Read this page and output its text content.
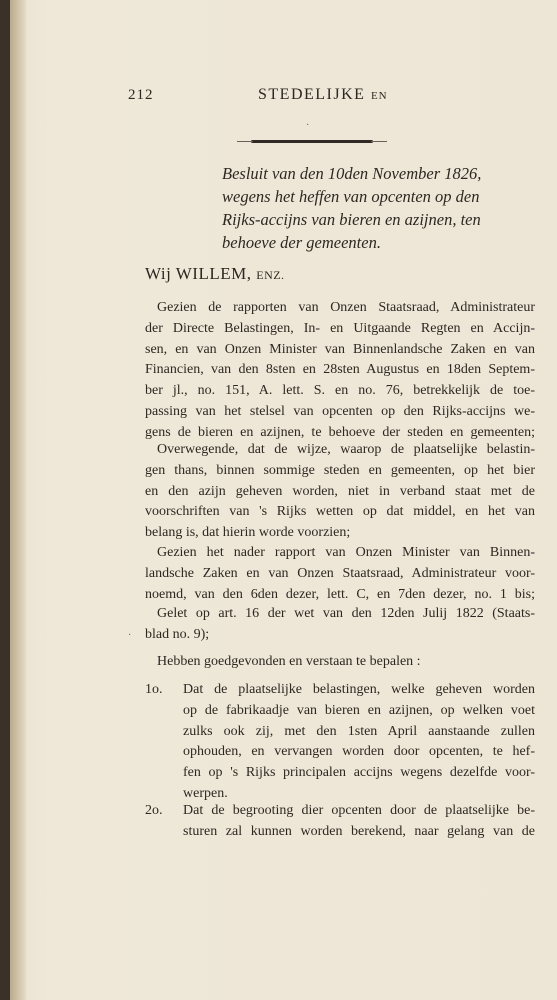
212	STEDELIJKE EN
Besluit van den 10den November 1826,
wegens het heffen van opcenten op den
Rijks-accijns van bieren en azijnen, ten
behoeve der gemeenten.
Wij WILLEM, ENZ.
Gezien de rapporten van Onzen Staatsraad, Administrateur
der Directe Belastingen, In- en Uitgaande Regten en Accijn-
sen, en van Onzen Minister van Binnenlandsche Zaken en van
Financien, van den 8sten en 28sten Augustus en 18den Septem-
ber jl., no. 151, A. lett. S. en no. 76, betrekkelijk de toe-
passing van het stelsel van opcenten op den Rijks-accijns we-
gens de bieren en azijnen, te behoeve der steden en gemeenten;
Overwegende, dat de wijze, waarop de plaatselijke belastin-
gen thans, binnen sommige steden en gemeenten, op het bier
en den azijn geheven worden, niet in verband staat met de
voorschriften van 's Rijks wetten op dat middel, en het van
belang is, dat hierin worde voorzien;
Gezien het nader rapport van Onzen Minister van Binnen-
landsche Zaken en van Onzen Staatsraad, Administrateur voor-
noemd, van den 6den dezer, lett. C, en 7den dezer, no. 1 bis;
Gelet op art. 16 der wet van den 12den Julij 1822 (Staats-
blad no. 9);
Hebben goedgevonden en verstaan te bepalen :
1o. Dat de plaatselijke belastingen, welke geheven worden
op de fabrikaadje van bieren en azijnen, op welken voet
zulks ook zij, met den 1sten April aanstaande zullen
ophouden, en vervangen worden door opcenten, te hef-
fen op 's Rijks principalen accijns wegens dezelfde voor-
werpen.
2o. Dat de begrooting dier opcenten door de plaatselijke be-
sturen zal kunnen worden berekend, naar gelang van de
·
·
